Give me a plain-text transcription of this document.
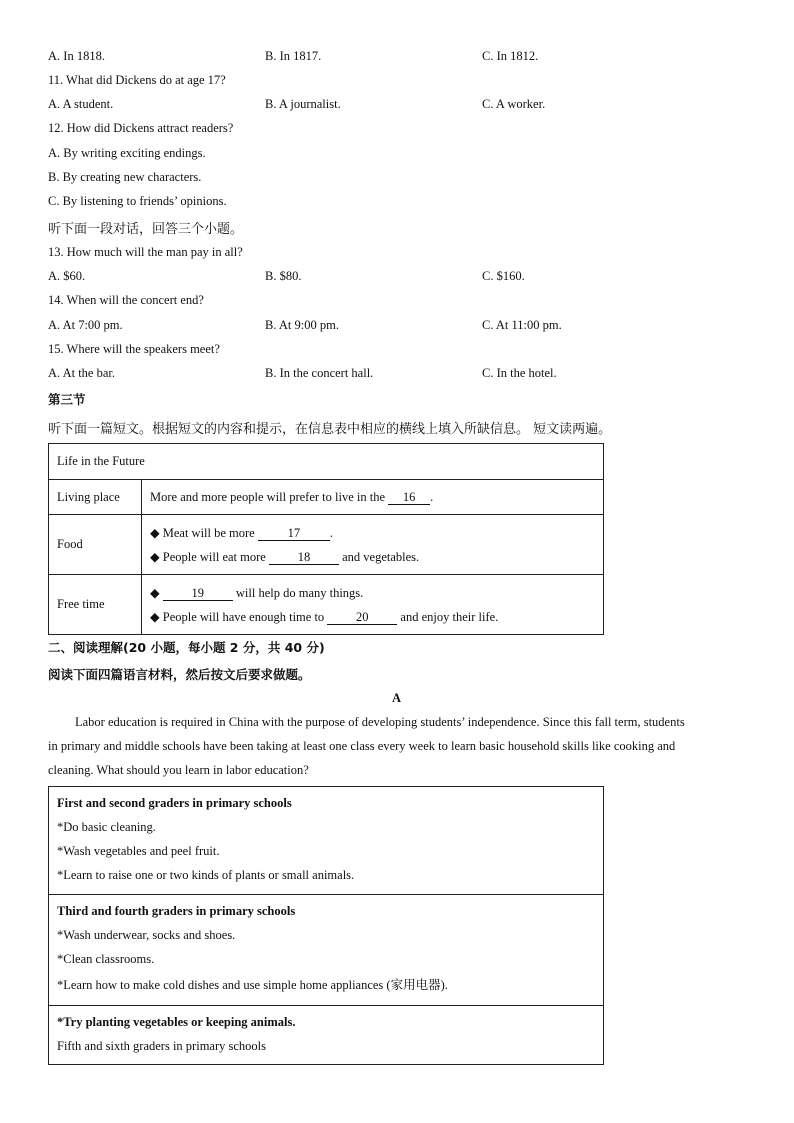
A. In 1818.	B. In 1817.	C. In 1812.
11. What did Dickens do at age 17?
A. A student.	B. A journalist.	C. A worker.
12. How did Dickens attract readers?
A. By writing exciting endings.
B. By creating new characters.
C. By listening to friends’ opinions.
听下面一段对话，回答三个小题。
13. How much will the man pay in all?
A. $60.	B. $80.	C. $160.
14. When will the concert end?
A. At 7:00 pm.	B. At 9:00 pm.	C. At 11:00 pm.
15. Where will the speakers meet?
A. At the bar.	B. In the concert hall.	C. In the hotel.
第三节
听下面一篇短文。根据短文的内容和提示，在信息表中相应的横线上填入所缺信息。 短文读两遍。
Life in the Future	
Living place	More and more people will prefer to live in the 16 .
Food	◆ Meat will be more 17 .
◆ People will eat more 18 and vegetables.

Free time	◆ 19 will help do many things.
◆ People will have enough time to 20 and enjoy their life.
二、阅读理解(20 小题，每小题 2 分，共 40 分)
阅读下面四篇语言材料，然后按文后要求做题。
A
Labor education is required in China with the purpose of developing students’ independence. Since this fall term, students
in primary and middle schools have been taking at least one class every week to learn basic household skills like cooking and
cleaning. What should you learn in labor education?
First and second graders in primary schools
*Do basic cleaning.
*Wash vegetables and peel fruit.
*Learn to raise one or two kinds of plants or small animals.
Third and fourth graders in primary schools
*Wash underwear, socks and shoes.
*Clean classrooms.
*Learn how to make cold dishes and use simple home appliances (家用电器).
*Try planting vegetables or keeping animals.
Fifth and sixth graders in primary schools
